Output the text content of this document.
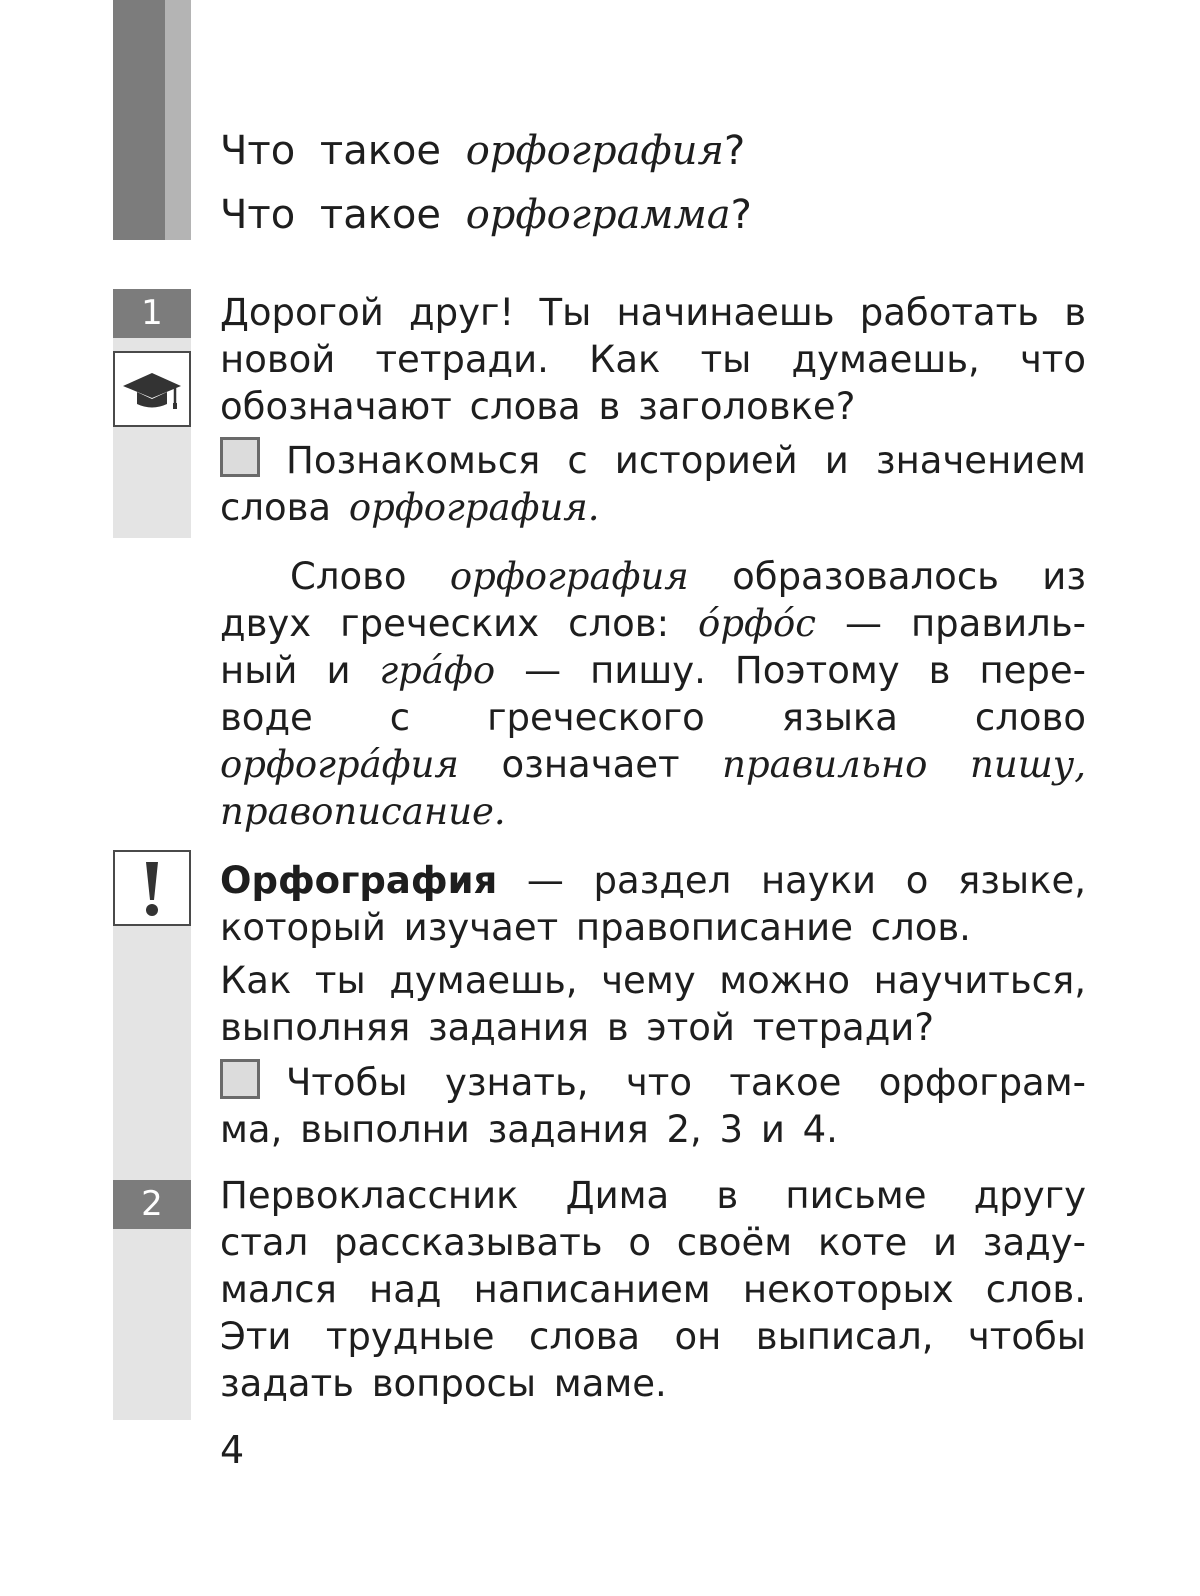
Что такое орфография?
Что такое орфограмма?
1	Дорогой друг! Ты начинаешь работать в
новой тетради. Как ты думаешь, что
обозначают слова в заголовке?
Познакомься с историей и значением
слова орфография.
Слово орфография образовалось из
двух греческих слов: óрфóс — правиль-
ный и грáфо — пишу. Поэтому в пере-
воде с греческого языка слово
орфогрáфия означает правильно пишу,
правописание.
Орфография — раздел науки о языке,
который изучает правописание слов.
Как ты думаешь, чему можно научиться,
выполняя задания в этой тетради?
Чтобы узнать, что такое орфограм-
ма, выполни задания 2, 3 и 4.
2	Первоклассник Дима в письме другу
стал рассказывать о своём коте и заду-
мался над написанием некоторых слов.
Эти трудные слова он выписал, чтобы
задать вопросы маме.
4
